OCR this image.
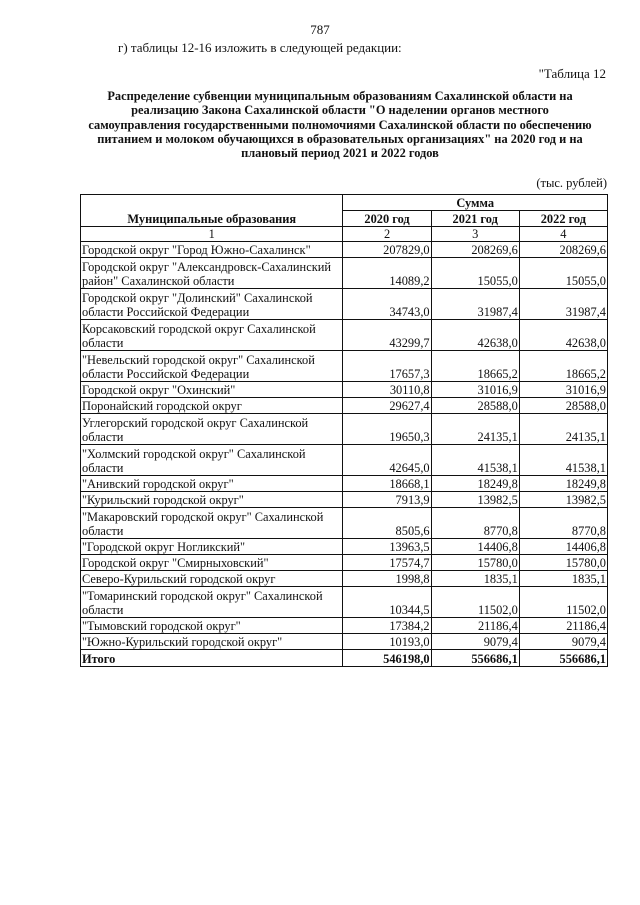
787
г) таблицы 12-16 изложить в следующей редакции:
"Таблица 12
Распределение субвенции муниципальным образованиям Сахалинской области на реализацию Закона Сахалинской области "О наделении органов местного самоуправления государственными полномочиями Сахалинской области по обеспечению питанием и молоком обучающихся в образовательных организациях" на 2020 год и на плановый период 2021 и 2022 годов
(тыс. рублей)
Муниципальные образования	Сумма		
	2020 год	2021 год	2022 год
1	2	3	4
Городской округ "Город Южно-Сахалинск"	207829,0	208269,6	208269,6
Городской округ "Александровск-Сахалинский район" Сахалинской области	14089,2	15055,0	15055,0
Городской округ "Долинский" Сахалинской области Российской Федерации	34743,0	31987,4	31987,4
Корсаковский городской округ Сахалинской области	43299,7	42638,0	42638,0
"Невельский городской округ" Сахалинской области Российской Федерации	17657,3	18665,2	18665,2
Городской округ "Охинский"	30110,8	31016,9	31016,9
Поронайский городской округ	29627,4	28588,0	28588,0
Углегорский городской округ Сахалинской области	19650,3	24135,1	24135,1
"Холмский городской округ" Сахалинской области	42645,0	41538,1	41538,1
"Анивский городской округ"	18668,1	18249,8	18249,8
"Курильский городской округ"	7913,9	13982,5	13982,5
"Макаровский городской округ" Сахалинской области	8505,6	8770,8	8770,8
"Городской округ Ногликский"	13963,5	14406,8	14406,8
Городской округ "Смирныховский"	17574,7	15780,0	15780,0
Северо-Курильский городской округ	1998,8	1835,1	1835,1
"Томаринский городской округ" Сахалинской области	10344,5	11502,0	11502,0
"Тымовский городской округ"	17384,2	21186,4	21186,4
"Южно-Курильский городской округ"	10193,0	9079,4	9079,4
Итого	546198,0	556686,1	556686,1
